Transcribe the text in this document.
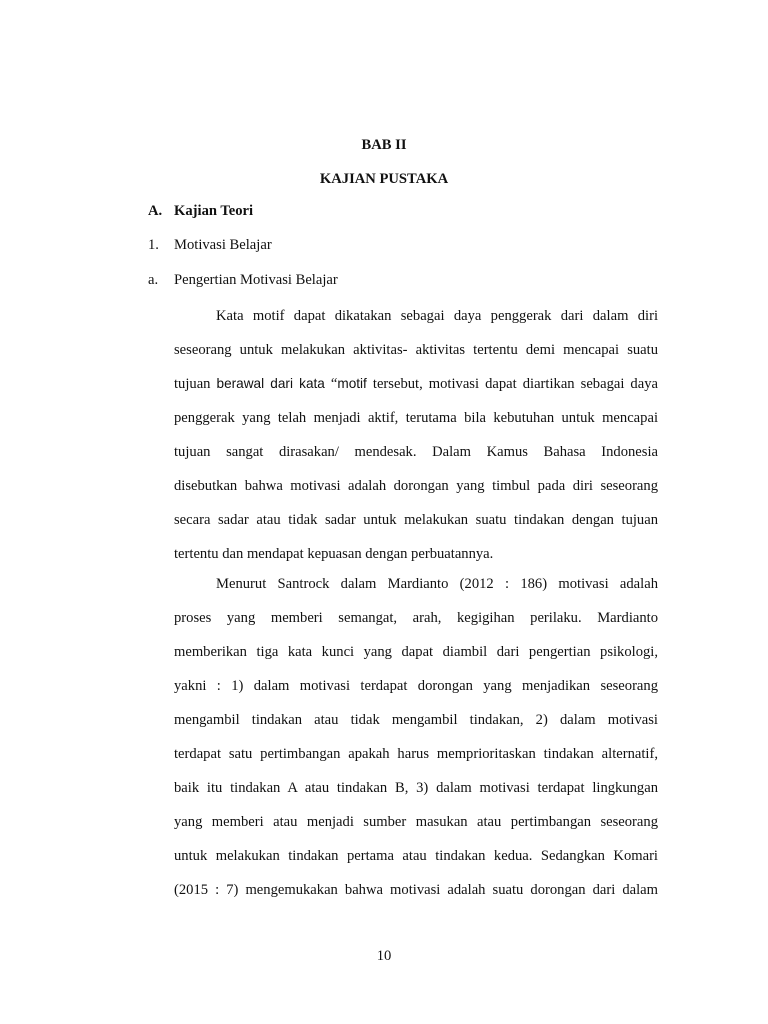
BAB II
KAJIAN PUSTAKA
A. Kajian Teori
1. Motivasi Belajar
a. Pengertian Motivasi Belajar
Kata motif dapat dikatakan sebagai daya penggerak dari dalam diri
seseorang untuk melakukan aktivitas- aktivitas tertentu demi mencapai suatu
tujuan berawal dari kata “motif tersebut, motivasi dapat diartikan sebagai daya
penggerak yang telah menjadi aktif, terutama bila kebutuhan untuk mencapai
tujuan sangat dirasakan/ mendesak. Dalam Kamus Bahasa Indonesia
disebutkan bahwa motivasi adalah dorongan yang timbul pada diri seseorang
secara sadar atau tidak sadar untuk melakukan suatu tindakan dengan tujuan
tertentu dan mendapat kepuasan dengan perbuatannya.
Menurut Santrock dalam Mardianto (2012 : 186) motivasi adalah
proses yang memberi semangat, arah, kegigihan perilaku. Mardianto
memberikan tiga kata kunci yang dapat diambil dari pengertian psikologi,
yakni : 1) dalam motivasi terdapat dorongan yang menjadikan seseorang
mengambil tindakan atau tidak mengambil tindakan, 2) dalam motivasi
terdapat satu pertimbangan apakah harus memprioritaskan tindakan alternatif,
baik itu tindakan A atau tindakan B, 3) dalam motivasi terdapat lingkungan
yang memberi atau menjadi sumber masukan atau pertimbangan seseorang
untuk melakukan tindakan pertama atau tindakan kedua. Sedangkan Komari
(2015 : 7) mengemukakan bahwa motivasi adalah suatu dorongan dari dalam
10
